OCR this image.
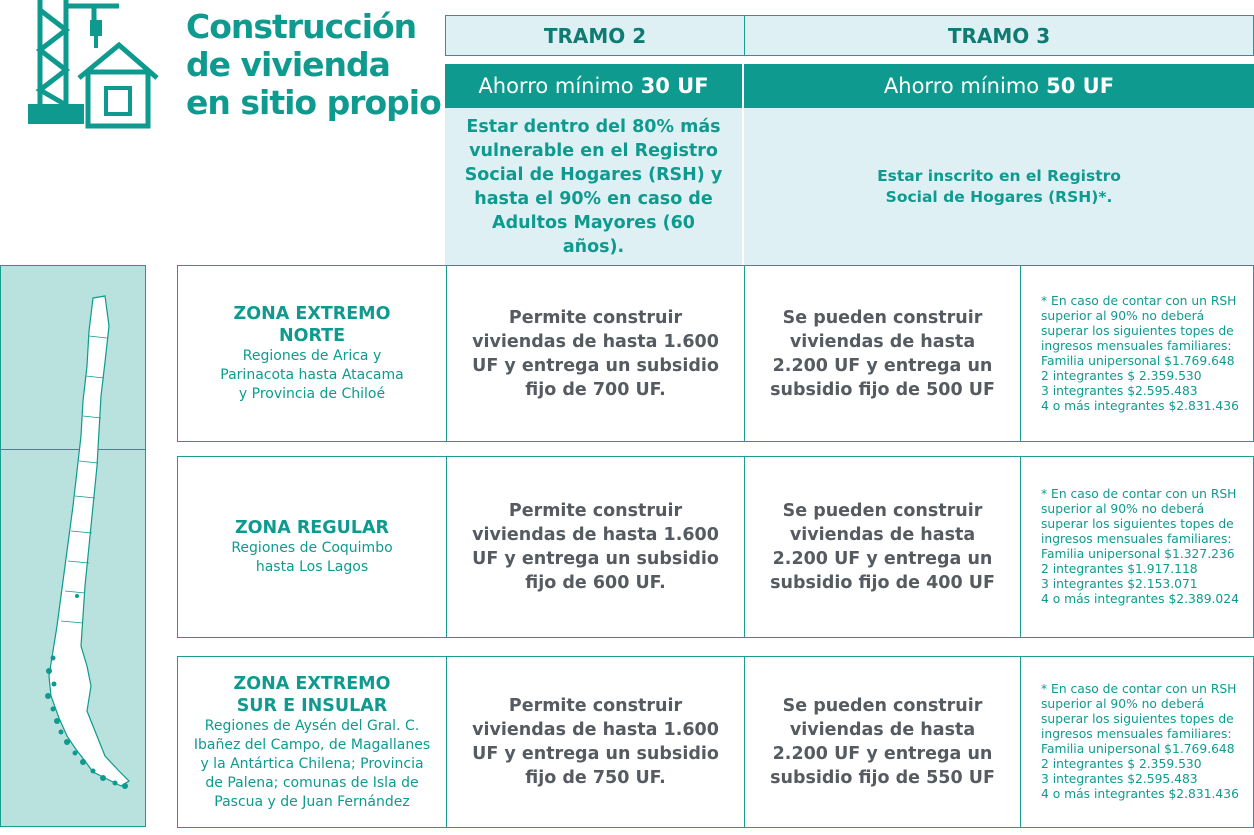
Construcción
de vivienda
en sitio propio
TRAMO 2	TRAMO 3
Ahorro mínimo 30 UF	Ahorro mínimo 50 UF
Estar dentro del 80% más vulnerable en el Registro Social de Hogares (RSH) y hasta el 90% en caso de Adultos Mayores (60 años).
Estar inscrito en el Registro Social de Hogares (RSH)*.
ZONA EXTREMO NORTE
Regiones de Arica y Parinacota hasta Atacama y Provincia de Chiloé
Permite construir viviendas de hasta 1.600 UF y entrega un subsidio fijo de 700 UF.
Se pueden construir viviendas de hasta 2.200 UF y entrega un subsidio fijo de 500 UF
* En caso de contar con un RSH
superior al 90% no deberá
superar los siguientes topes de
ingresos mensuales familiares:
Familia unipersonal $1.769.648
2 integrantes $ 2.359.530
3 integrantes $2.595.483
4 o más integrantes $2.831.436
ZONA REGULAR
Regiones de Coquimbo hasta Los Lagos
Permite construir viviendas de hasta 1.600 UF y entrega un subsidio fijo de 600 UF.
Se pueden construir viviendas de hasta 2.200 UF y entrega un subsidio fijo de 400 UF
* En caso de contar con un RSH
superior al 90% no deberá
superar los siguientes topes de
ingresos mensuales familiares:
Familia unipersonal $1.327.236
2 integrantes $1.917.118
3 integrantes $2.153.071
4 o más integrantes $2.389.024
ZONA EXTREMO SUR E INSULAR
Regiones de Aysén del Gral. C. Ibañez del Campo, de Magallanes y la Antártica Chilena; Provincia de Palena; comunas de Isla de Pascua y de Juan Fernández
Permite construir viviendas de hasta 1.600 UF y entrega un subsidio fijo de 750 UF.
Se pueden construir viviendas de hasta 2.200 UF y entrega un subsidio fijo de 550 UF
* En caso de contar con un RSH
superior al 90% no deberá
superar los siguientes topes de
ingresos mensuales familiares:
Familia unipersonal $1.769.648
2 integrantes $ 2.359.530
3 integrantes $2.595.483
4 o más integrantes $2.831.436
